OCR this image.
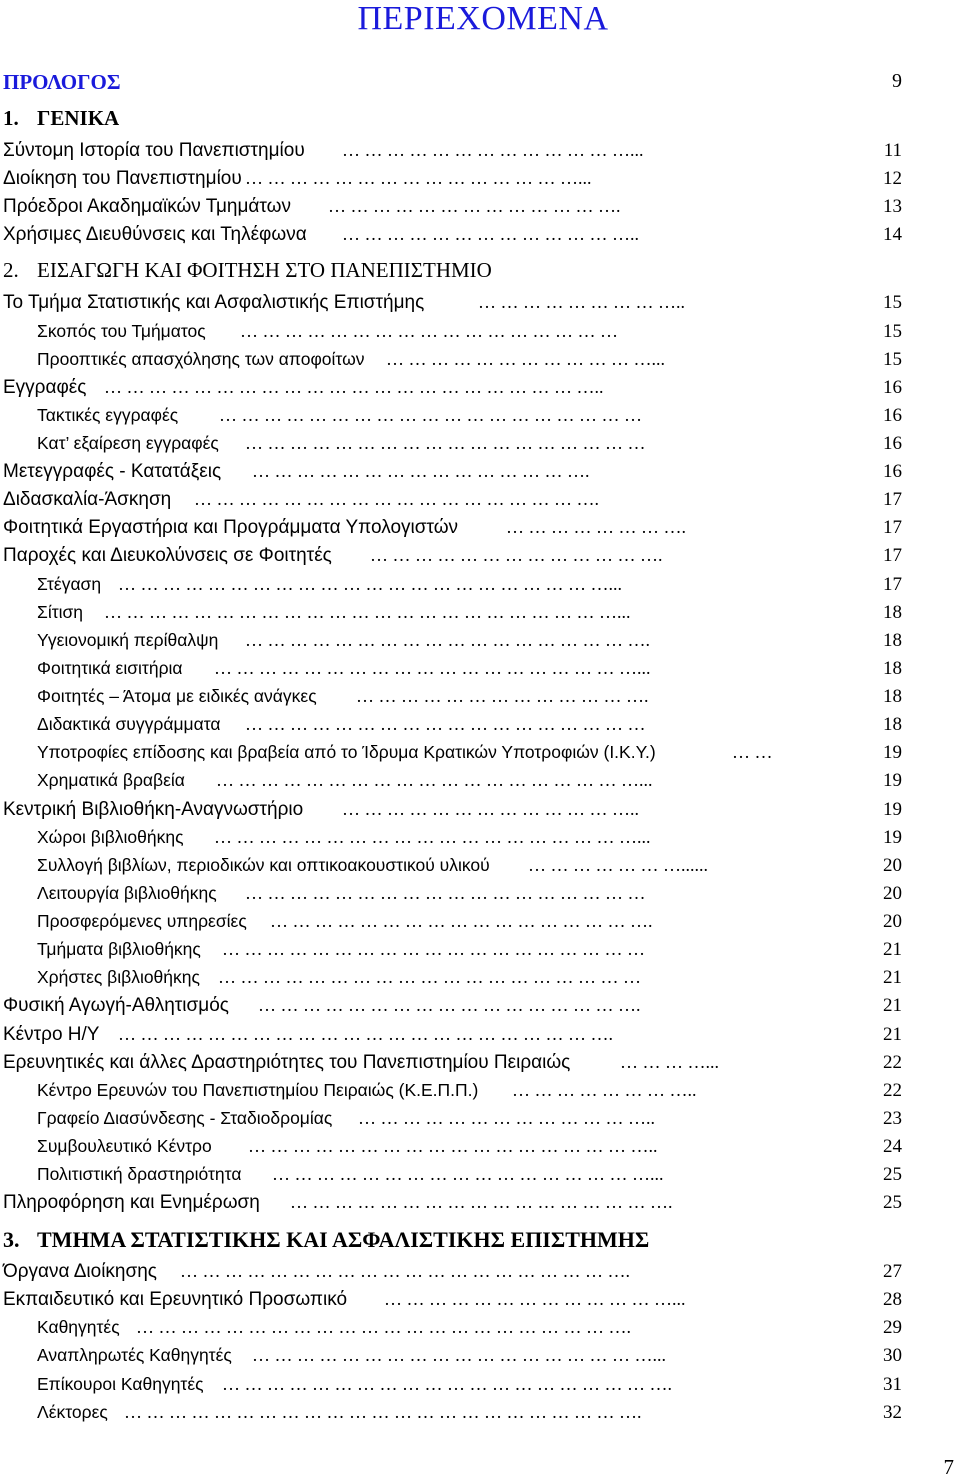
ΠΕΡΙΕΧΟΜΕΝΑ
ΠΡΟΛΟΓΟΣ	9
1. ΓΕΝΙΚΑ
Σύντομη Ιστορία του Πανεπιστημίου … … … … … … … … … … … … …...	11
Διοίκηση του Πανεπιστημίου … … … … … … … … … … … … … … …...	12
Πρόεδροι Ακαδημαϊκών Τμημάτων … … … … … … … … … … … … ….	13
Χρήσιμες Διευθύνσεις και Τηλέφωνα … … … … … … … … … … … … …..	14
2. ΕΙΣΑΓΩΓΗ ΚΑΙ ΦΟΙΤΗΣΗ ΣΤΟ ΠΑΝΕΠΙΣΤΗΜΙΟ
Το Τμήμα Στατιστικής και Ασφαλιστικής Επιστήμης	… … … … … … … … …..	15
Σκοπός του Τμήματος … … … … … … … … … … … … … … … … …	15
Προοπτικές απασχόλησης των αποφοίτων … … … … … … … … … … … …...	15
Εγγραφές … … … … … … … … … … … … … … … … … … … … … …..	16
Τακτικές εγγραφές … … … … … … … … … … … … … … … … … … …	16
Κατ’ εξαίρεση εγγραφές … … … … … … … … … … … … … … … … … …	16
Μετεγγραφές - Κατατάξεις … … … … … … … … … … … … … … ….	16
Διδασκαλία-Άσκηση … … … … … … … … … … … … … … … … … ….	17
Φοιτητικά Εργαστήρια και Προγράμματα Υπολογιστών	… … … … … … … ….	17
Παροχές και Διευκολύνσεις σε Φοιτητές … … … … … … … … … … … … ….	17
Στέγαση … … … … … … … … … … … … … … … … … … … … … …...	17
Σίτιση … … … … … … … … … … … … … … … … … … … … … … …...	18
Υγειονομική περίθαλψη … … … … … … … … … … … … … … … … … ….	18
Φοιτητικά εισιτήρια … … … … … … … … … … … … … … … … … … …...	18
Φοιτητές – Άτομα με ειδικές ανάγκες … … … … … … … … … … … … ….	18
Διδακτικά συγγράμματα … … … … … … … … … … … … … … … … … …	18
Υποτροφίες επίδοσης και βραβεία από το Ίδρυμα Κρατικών Υποτροφιών (Ι.Κ.Υ.)	… …	19
Χρηματικά βραβεία … … … … … … … … … … … … … … … … … … …...	19
Κεντρική Βιβλιοθήκη-Αναγνωστήριο … … … … … … … … … … … … …..	19
Χώροι βιβλιοθήκης … … … … … … … … … … … … … … … … … … …...	19
Συλλογή βιβλίων, περιοδικών και οπτικοακουστικού υλικού … … … … … … …......	20
Λειτουργία βιβλιοθήκης … … … … … … … … … … … … … … … … … …	20
Προσφερόμενες υπηρεσίες … … … … … … … … … … … … … … … … ….	20
Τμήματα βιβλιοθήκης … … … … … … … … … … … … … … … … … … …	21
Χρήστες βιβλιοθήκης … … … … … … … … … … … … … … … … … … …	21
Φυσική Αγωγή-Αθλητισμός … … … … … … … … … … … … … … … … ….	21
Κέντρο Η/Υ … … … … … … … … … … … … … … … … … … … … … ….	21
Ερευνητικές και άλλες Δραστηριότητες του Πανεπιστημίου Πειραιώς	… … … …...	22
Κέντρο Ερευνών του Πανεπιστημίου Πειραιώς (Κ.Ε.Π.Π.) … … … … … … … …..	22
Γραφείο Διασύνδεσης - Σταδιοδρομίας … … … … … … … … … … … … …..	23
Συμβουλευτικό Κέντρο … … … … … … … … … … … … … … … … … …..	24
Πολιτιστική δραστηριότητα … … … … … … … … … … … … … … … … …...	25
Πληροφόρηση και Ενημέρωση … … … … … … … … … … … … … … … … ….	25
3. ΤΜΗΜΑ ΣΤΑΤΙΣΤΙΚΗΣ ΚΑΙ ΑΣΦΑΛΙΣΤΙΚΗΣ ΕΠΙΣΤΗΜΗΣ
Όργανα Διοίκησης … … … … … … … … … … … … … … … … … … … ….	27
Εκπαιδευτικό και Ερευνητικό Προσωπικό … … … … … … … … … … … … …...	28
Καθηγητές … … … … … … … … … … … … … … … … … … … … … ….	29
Αναπληρωτές Καθηγητές … … … … … … … … … … … … … … … … … …...	30
Επίκουροι Καθηγητές … … … … … … … … … … … … … … … … … … … ….	31
Λέκτορες … … … … … … … … … … … … … … … … … … … … … … ….	32
7
